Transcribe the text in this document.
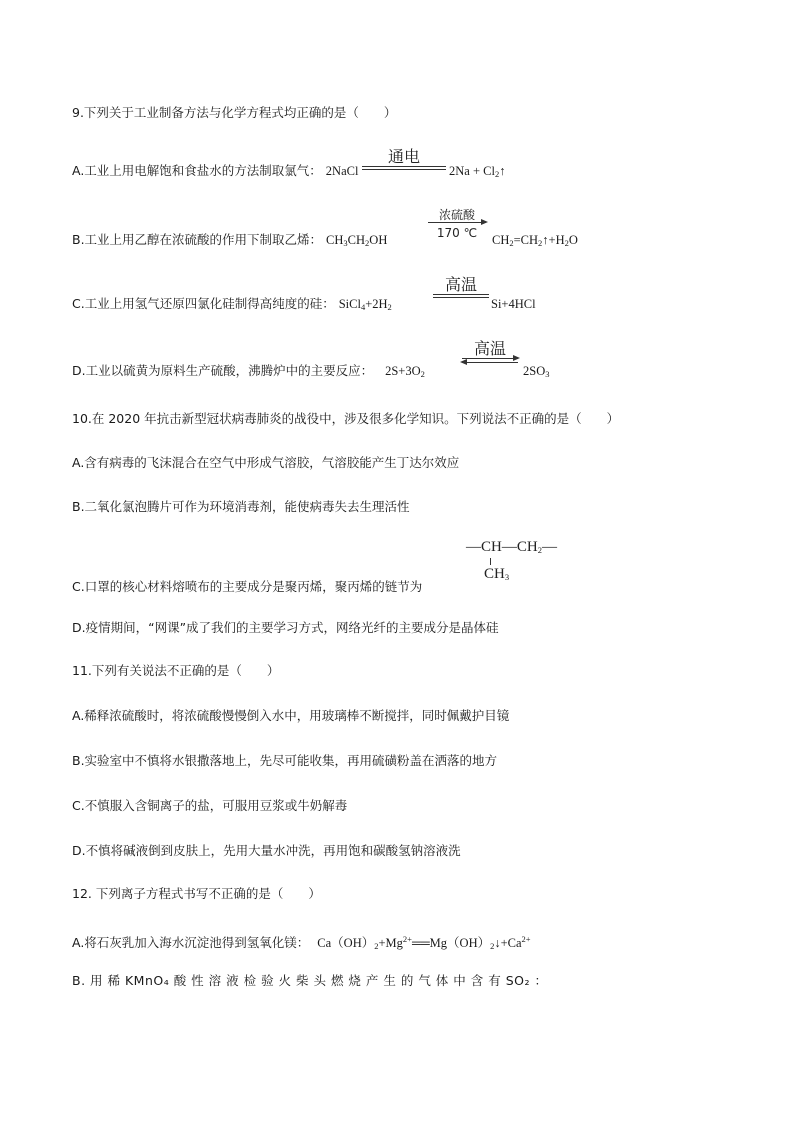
9.下列关于工业制备方法与化学方程式均正确的是（　　）
A.工业上用电解饱和食盐水的方法制取氯气： 2NaCl
通电
$2Na + Cl_2↑$
B.工业上用乙醇在浓硫酸的作用下制取乙烯： $CH_3CH_2OH$
浓硫酸
170 ℃	$CH_2=CH_2↑+H_2O$
C.工业上用氢气还原四氯化硅制得高纯度的硅： $SiCl_4+2H_2$
高温
Si+4HCl
D.工业以硫黄为原料生产硫酸，沸腾炉中的主要反应： $2S+3O_2$
高温
$2SO_3$
10.在 2020 年抗击新型冠状病毒肺炎的战役中，涉及很多化学知识。下列说法不正确的是（　　）
A.含有病毒的飞沫混合在空气中形成气溶胶，气溶胶能产生丁达尔效应
B.二氧化氯泡腾片可作为环境消毒剂，能使病毒失去生理活性
C.口罩的核心材料熔喷布的主要成分是聚丙烯，聚丙烯的链节为
$—CH—CH_2—$
$CH_3$
D.疫情期间，“网课”成了我们的主要学习方式，网络光纤的主要成分是晶体硅
11.下列有关说法不正确的是（　　）
A.稀释浓硫酸时，将浓硫酸慢慢倒入水中，用玻璃棒不断搅拌，同时佩戴护目镜
B.实验室中不慎将水银撒落地上，先尽可能收集，再用硫磺粉盖在洒落的地方
C.不慎服入含铜离子的盐，可服用豆浆或牛奶解毒
D.不慎将碱液倒到皮肤上，先用大量水冲洗，再用饱和碳酸氢钠溶液洗
12. 下列离子方程式书写不正确的是（　　）
A.将石灰乳加入海水沉淀池得到氢氧化镁： $Ca(OH)_2+Mg^{2+}══Mg(OH)_2↓+Ca^{2+}$
B. 用 稀 KMnO₄ 酸 性 溶 液 检 验 火 柴 头 燃 烧 产 生 的 气 体 中 含 有 SO₂ ：
